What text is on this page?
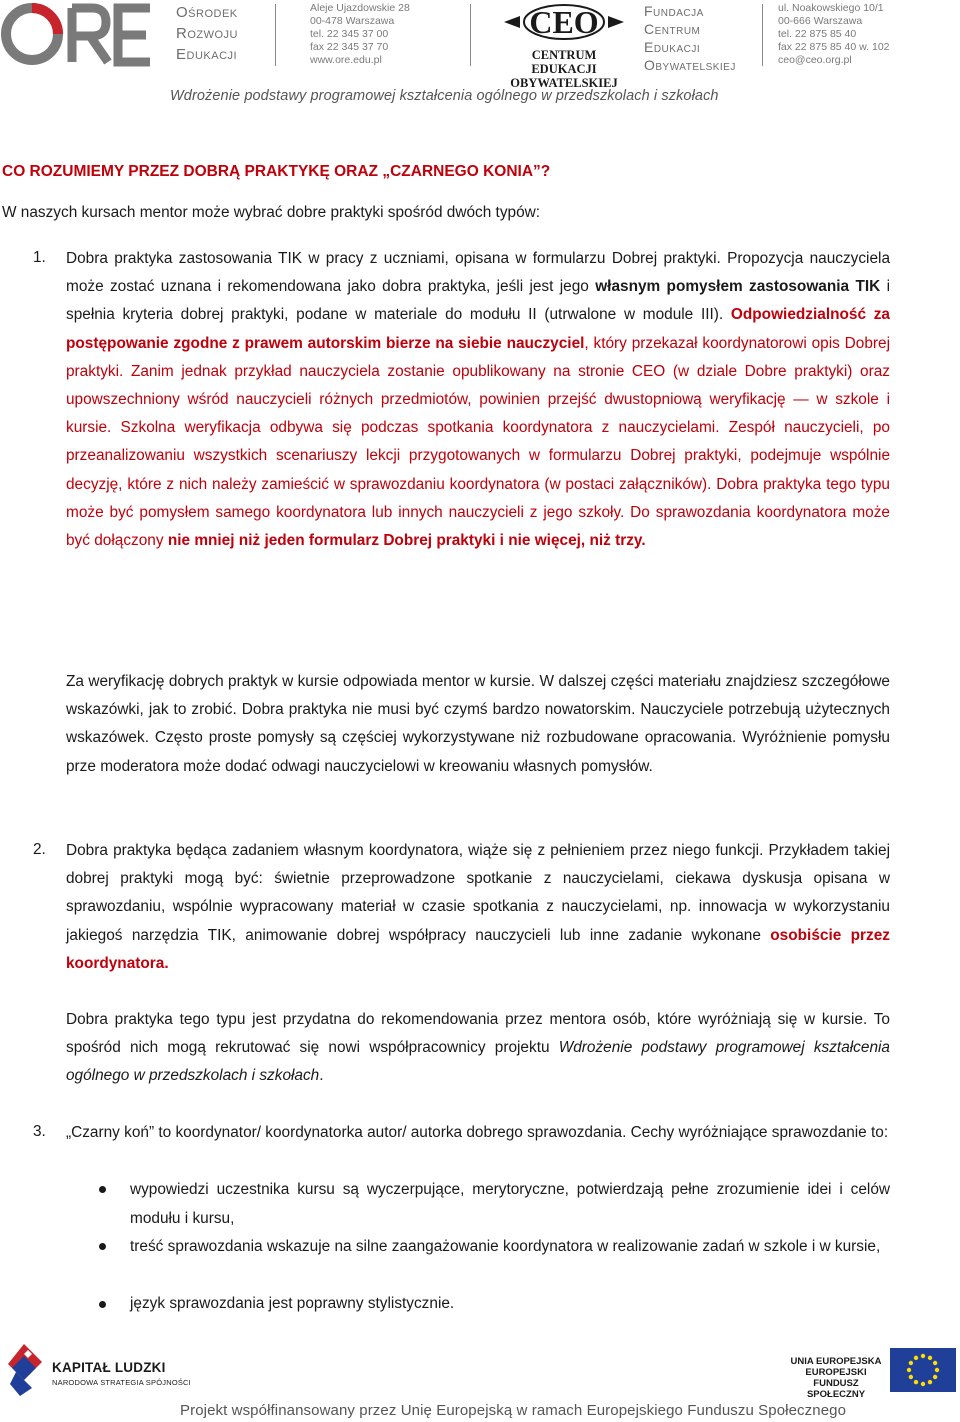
Ośrodek
Rozwoju
Edukacji
Aleje Ujazdowskie 28
00-478 Warszawa
tel. 22 345 37 00
fax 22 345 37 70
www.ore.edu.pl
CEO
CENTRUM EDUKACJI
OBYWATELSKIEJ
Fundacja
Centrum
Edukacji
Obywatelskiej
ul. Noakowskiego 10/1
00-666 Warszawa
tel. 22 875 85 40
fax 22 875 85 40 w. 102
ceo@ceo.org.pl
Wdrożenie podstawy programowej kształcenia ogólnego w przedszkolach i szkołach
CO ROZUMIEMY PRZEZ DOBRĄ PRAKTYKĘ ORAZ „CZARNEGO KONIA”?
W naszych kursach mentor może wybrać dobre praktyki spośród dwóch typów:
1. Dobra praktyka zastosowania TIK w pracy z uczniami, opisana w formularzu Dobrej praktyki. Propozycja nauczyciela może zostać uznana i rekomendowana jako dobra praktyka, jeśli jest jego własnym pomysłem zastosowania TIK i spełnia kryteria dobrej praktyki, podane w materiale do modułu II (utrwalone w module III). Odpowiedzialność za postępowanie zgodne z prawem autorskim bierze na siebie nauczyciel, który przekazał koordynatorowi opis Dobrej praktyki. Zanim jednak przykład nauczyciela zostanie opublikowany na stronie CEO (w dziale Dobre praktyki) oraz upowszechniony wśród nauczycieli różnych przedmiotów, powinien przejść dwustopniową weryfikację — w szkole i kursie. Szkolna weryfikacja odbywa się podczas spotkania koordynatora z nauczycielami. Zespół nauczycieli, po przeanalizowaniu wszystkich scenariuszy lekcji przygotowanych w formularzu Dobrej praktyki, podejmuje wspólnie decyzję, które z nich należy zamieścić w sprawozdaniu koordynatora (w postaci załączników). Dobra praktyka tego typu może być pomysłem samego koordynatora lub innych nauczycieli z jego szkoły. Do sprawozdania koordynatora może być dołączony nie mniej niż jeden formularz Dobrej praktyki i nie więcej, niż trzy.
Za weryfikację dobrych praktyk w kursie odpowiada mentor w kursie. W dalszej części materiału znajdziesz szczegółowe wskazówki, jak to zrobić. Dobra praktyka nie musi być czymś bardzo nowatorskim. Nauczyciele potrzebują użytecznych wskazówek. Często proste pomysły są częściej wykorzystywane niż rozbudowane opracowania. Wyróżnienie pomysłu prze moderatora może dodać odwagi nauczycielowi w kreowaniu własnych pomysłów.
2. Dobra praktyka będąca zadaniem własnym koordynatora, wiąże się z pełnieniem przez niego funkcji. Przykładem takiej dobrej praktyki mogą być: świetnie przeprowadzone spotkanie z nauczycielami, ciekawa dyskusja opisana w sprawozdaniu, wspólnie wypracowany materiał w czasie spotkania z nauczycielami, np. innowacja w wykorzystaniu jakiegoś narzędzia TIK, animowanie dobrej współpracy nauczycieli lub inne zadanie wykonane osobiście przez koordynatora.
Dobra praktyka tego typu jest przydatna do rekomendowania przez mentora osób, które wyróżniają się w kursie. To spośród nich mogą rekrutować się nowi współpracownicy projektu Wdrożenie podstawy programowej kształcenia ogólnego w przedszkolach i szkołach.
3. „Czarny koń” to koordynator/ koordynatorka autor/ autorka dobrego sprawozdania. Cechy wyróżniające sprawozdanie to:
wypowiedzi uczestnika kursu są wyczerpujące, merytoryczne, potwierdzają pełne zrozumienie idei i celów modułu i kursu,
treść sprawozdania wskazuje na silne zaangażowanie koordynatora w realizowanie zadań w szkole i w kursie,
język sprawozdania jest poprawny stylistycznie.
KAPITAŁ LUDZKI
NARODOWA STRATEGIA SPÓJNOŚCI
UNIA EUROPEJSKA
EUROPEJSKI
FUNDUSZ SPOŁECZNY
Projekt współfinansowany przez Unię Europejską w ramach Europejskiego Funduszu Społecznego
